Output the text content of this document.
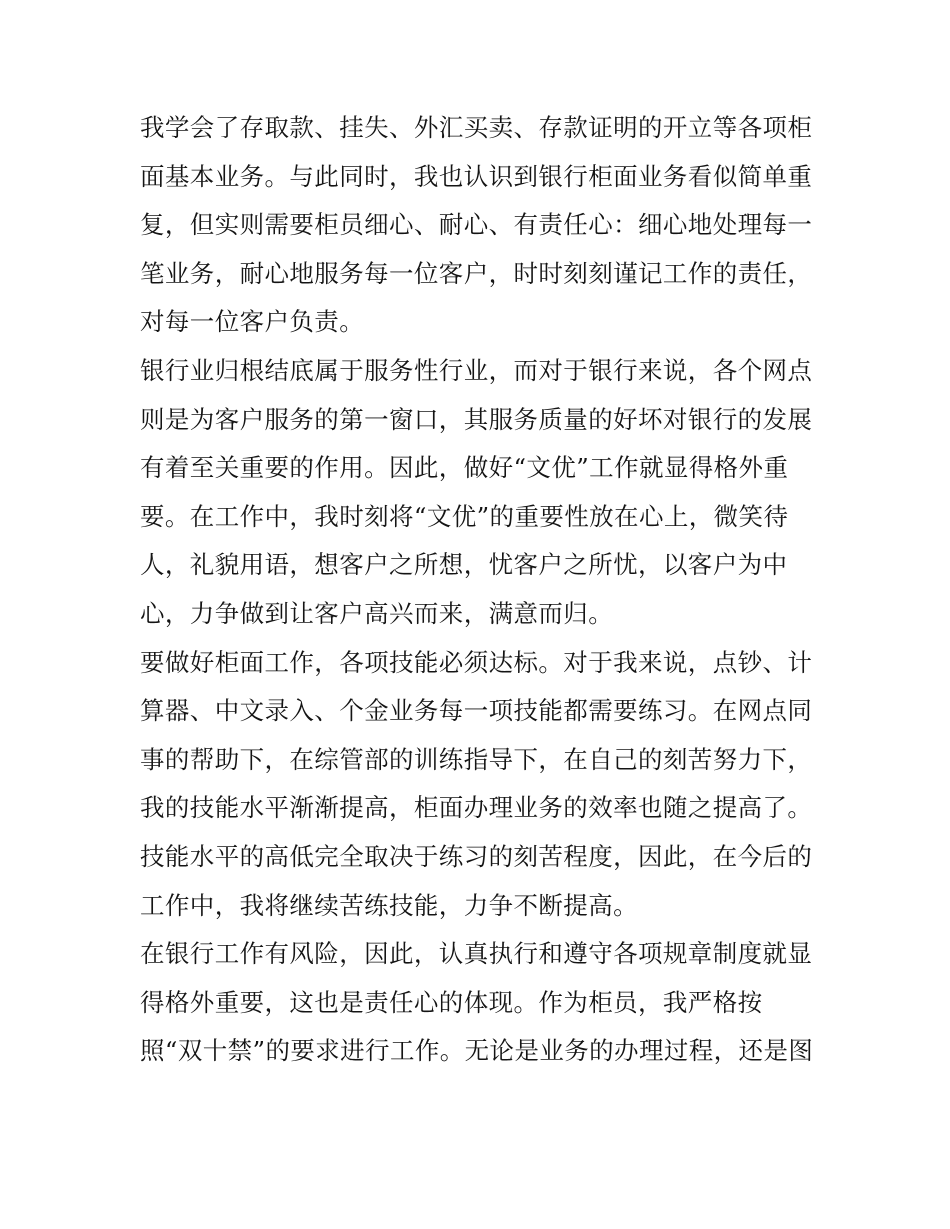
我学会了存取款、挂失、外汇买卖、存款证明的开立等各项柜
面基本业务。与此同时，我也认识到银行柜面业务看似简单重
复，但实则需要柜员细心、耐心、有责任心：细心地处理每一
笔业务，耐心地服务每一位客户，时时刻刻谨记工作的责任，
对每一位客户负责。
银行业归根结底属于服务性行业，而对于银行来说，各个网点
则是为客户服务的第一窗口，其服务质量的好坏对银行的发展
有着至关重要的作用。因此，做好“文优”工作就显得格外重
要。在工作中，我时刻将“文优”的重要性放在心上，微笑待
人，礼貌用语，想客户之所想，忧客户之所忧，以客户为中
心，力争做到让客户高兴而来，满意而归。
要做好柜面工作，各项技能必须达标。对于我来说，点钞、计
算器、中文录入、个金业务每一项技能都需要练习。在网点同
事的帮助下，在综管部的训练指导下，在自己的刻苦努力下，
我的技能水平渐渐提高，柜面办理业务的效率也随之提高了。
技能水平的高低完全取决于练习的刻苦程度，因此，在今后的
工作中，我将继续苦练技能，力争不断提高。
在银行工作有风险，因此，认真执行和遵守各项规章制度就显
得格外重要，这也是责任心的体现。作为柜员，我严格按
照“双十禁”的要求进行工作。无论是业务的办理过程，还是图
